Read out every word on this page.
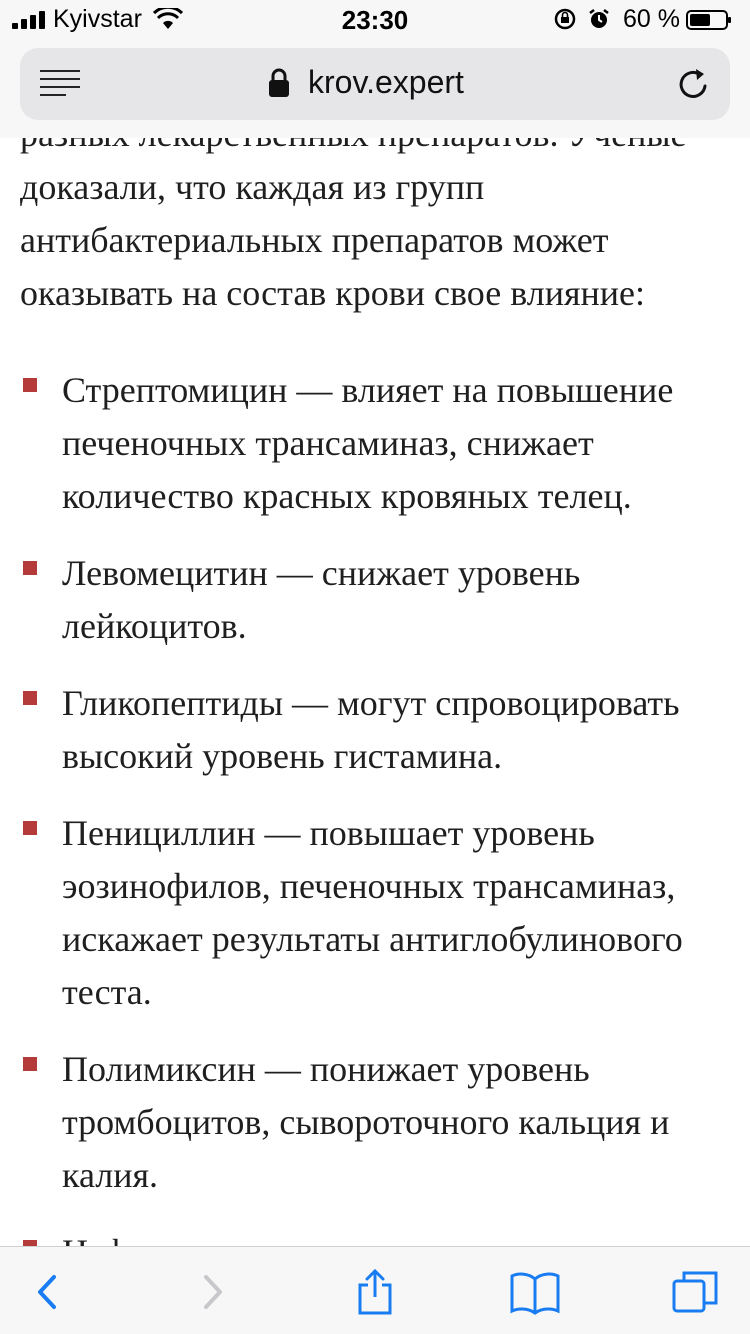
доказали, что каждая из групп антибактериальных препаратов может оказывать на состав крови свое влияние:

Стрептомицин — влияет на повышение печеночных трансаминаз, снижает количество красных кровяных телец.
Левомецитин — снижает уровень лейкоцитов.
Гликопептиды — могут спровоцировать высокий уровень гистамина.
Пенициллин — повышает уровень эозинофилов, печеночных трансаминаз, искажает результаты антиглобулинового теста.
Полимиксин — понижает уровень тромбоцитов, сывороточного кальция и калия.
Kyivstar	23:30	60 %
krov.expert
